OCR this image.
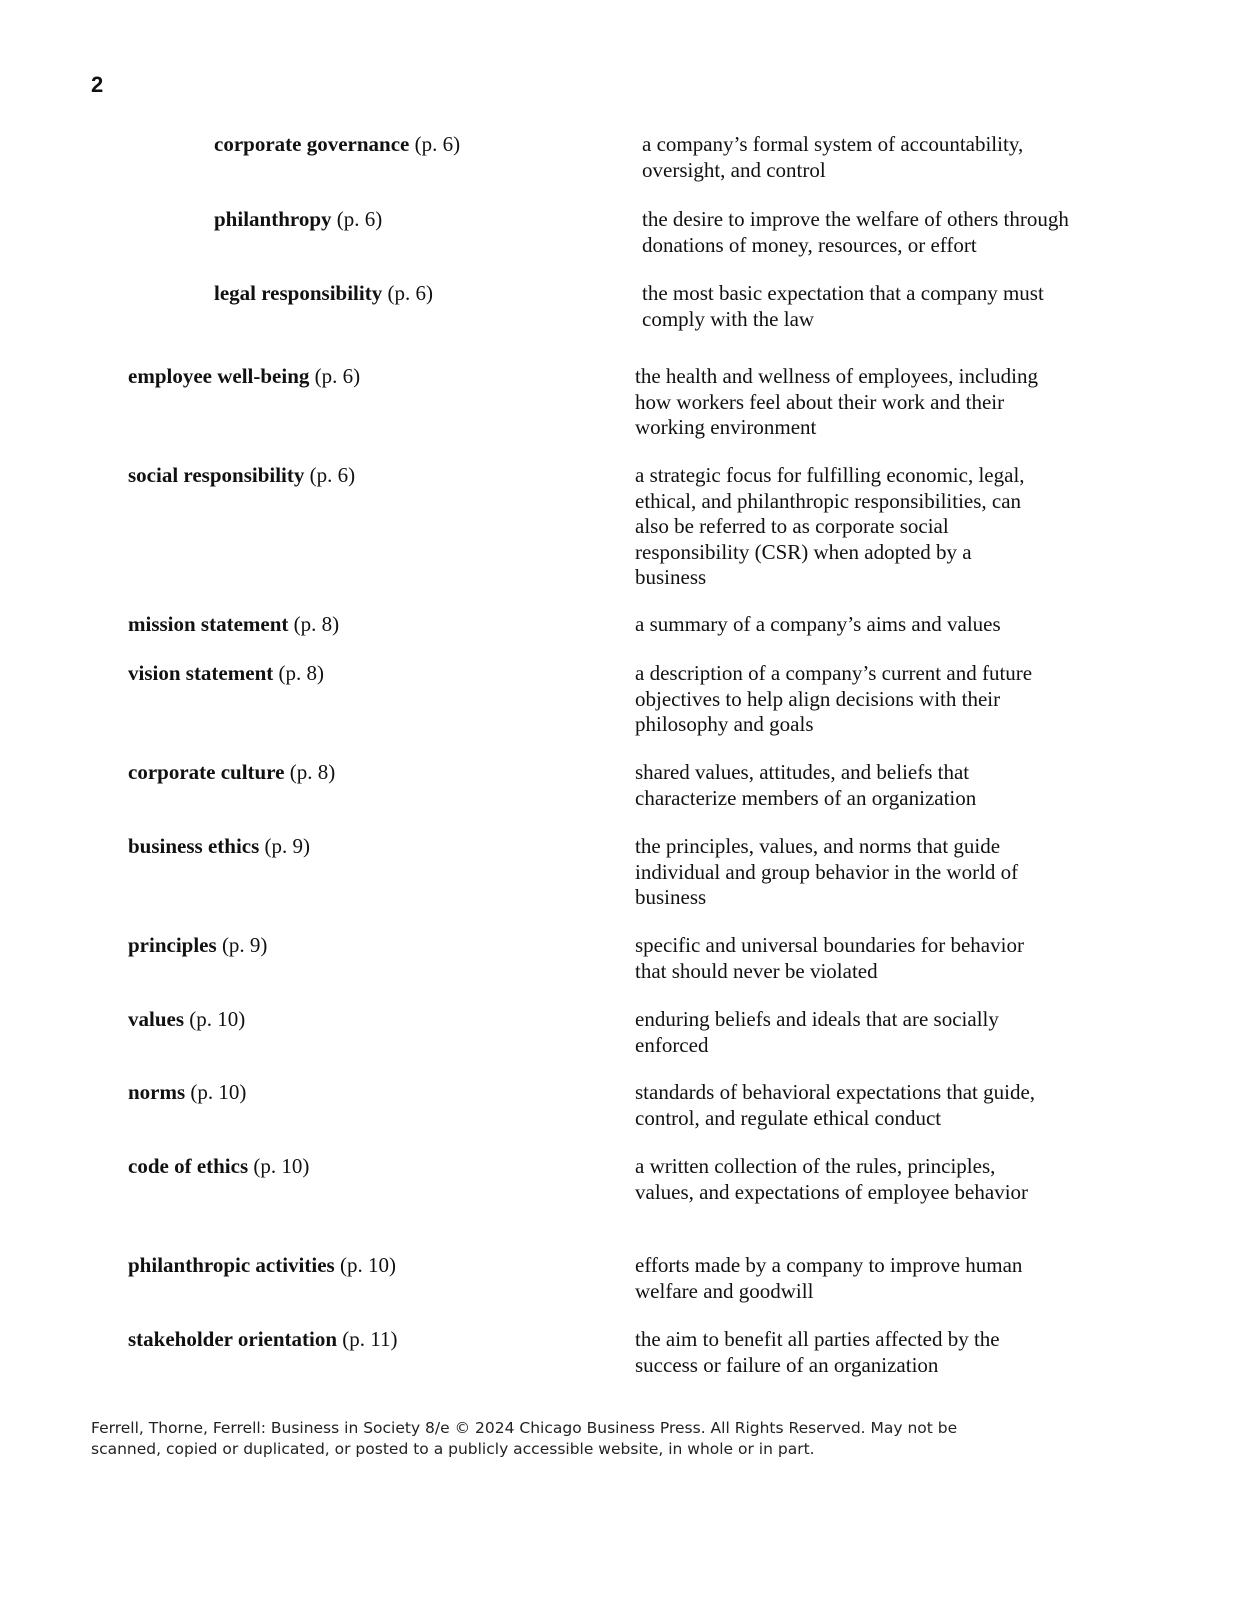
2
corporate governance (p. 6)	a company’s formal system of accountability, oversight, and control
philanthropy (p. 6)	the desire to improve the welfare of others through donations of money, resources, or effort
legal responsibility (p. 6)	the most basic expectation that a company must comply with the law
employee well-being (p. 6)	the health and wellness of employees, including how workers feel about their work and their working environment
social responsibility (p. 6)	a strategic focus for fulfilling economic, legal, ethical, and philanthropic responsibilities, can also be referred to as corporate social responsibility (CSR) when adopted by a business
mission statement (p. 8)	a summary of a company’s aims and values
vision statement (p. 8)	a description of a company’s current and future objectives to help align decisions with their philosophy and goals
corporate culture (p. 8)	shared values, attitudes, and beliefs that characterize members of an organization
business ethics (p. 9)	the principles, values, and norms that guide individual and group behavior in the world of business
principles (p. 9)	specific and universal boundaries for behavior that should never be violated
values (p. 10)	enduring beliefs and ideals that are socially enforced
norms (p. 10)	standards of behavioral expectations that guide, control, and regulate ethical conduct
code of ethics (p. 10)	a written collection of the rules, principles, values, and expectations of employee behavior
philanthropic activities (p. 10)	efforts made by a company to improve human welfare and goodwill
stakeholder orientation (p. 11)	the aim to benefit all parties affected by the success or failure of an organization
Ferrell, Thorne, Ferrell: Business in Society 8/e © 2024 Chicago Business Press. All Rights Reserved. May not be
scanned, copied or duplicated, or posted to a publicly accessible website, in whole or in part.
